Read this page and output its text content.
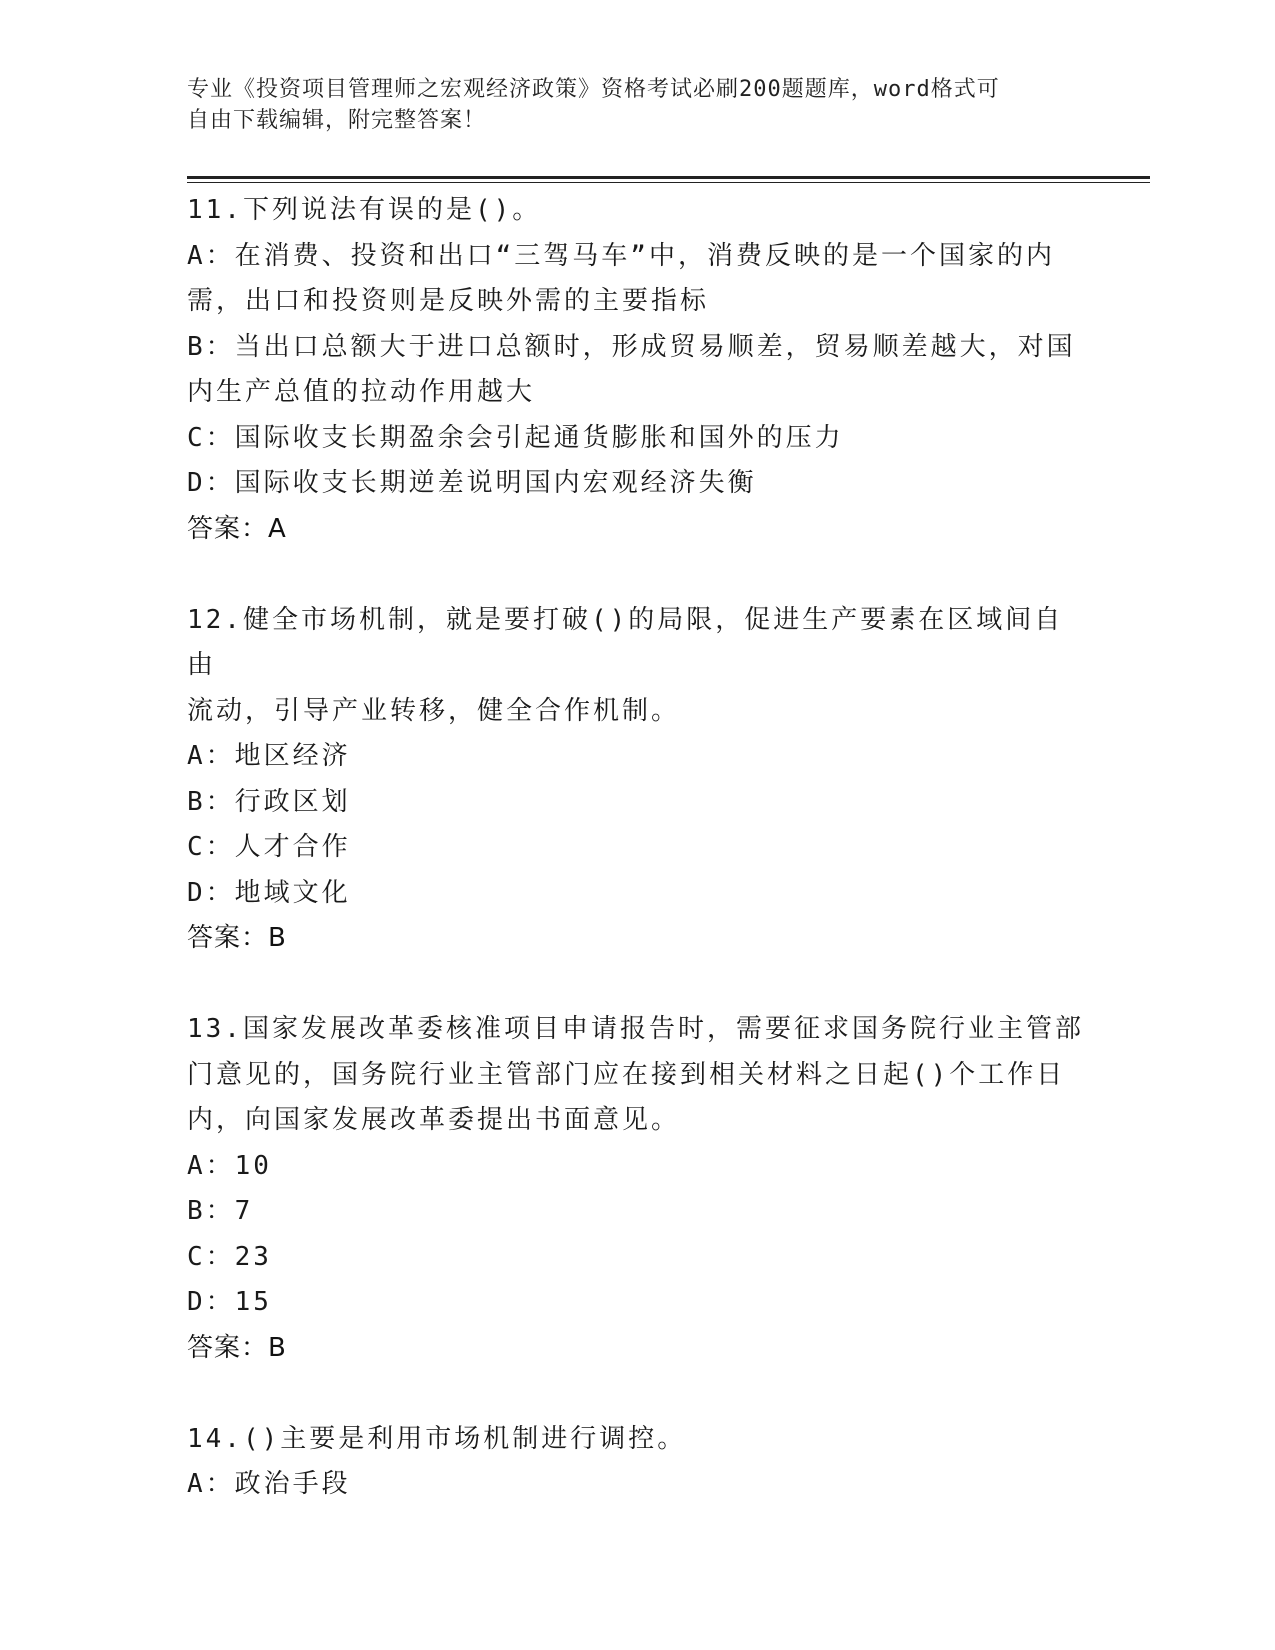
专业《投资项目管理师之宏观经济政策》资格考试必刷200题题库，word格式可
自由下载编辑，附完整答案！
11.下列说法有误的是()。
A：在消费、投资和出口“三驾马车”中，消费反映的是一个国家的内
需，出口和投资则是反映外需的主要指标
B：当出口总额大于进口总额时，形成贸易顺差，贸易顺差越大，对国
内生产总值的拉动作用越大
C：国际收支长期盈余会引起通货膨胀和国外的压力
D：国际收支长期逆差说明国内宏观经济失衡
答案：A
12.健全市场机制，就是要打破()的局限，促进生产要素在区域间自由
流动，引导产业转移，健全合作机制。
A：地区经济
B：行政区划
C：人才合作
D：地域文化
答案：B
13.国家发展改革委核准项目申请报告时，需要征求国务院行业主管部
门意见的，国务院行业主管部门应在接到相关材料之日起()个工作日
内，向国家发展改革委提出书面意见。
A：10
B：7
C：23
D：15
答案：B
14.()主要是利用市场机制进行调控。
A：政治手段
